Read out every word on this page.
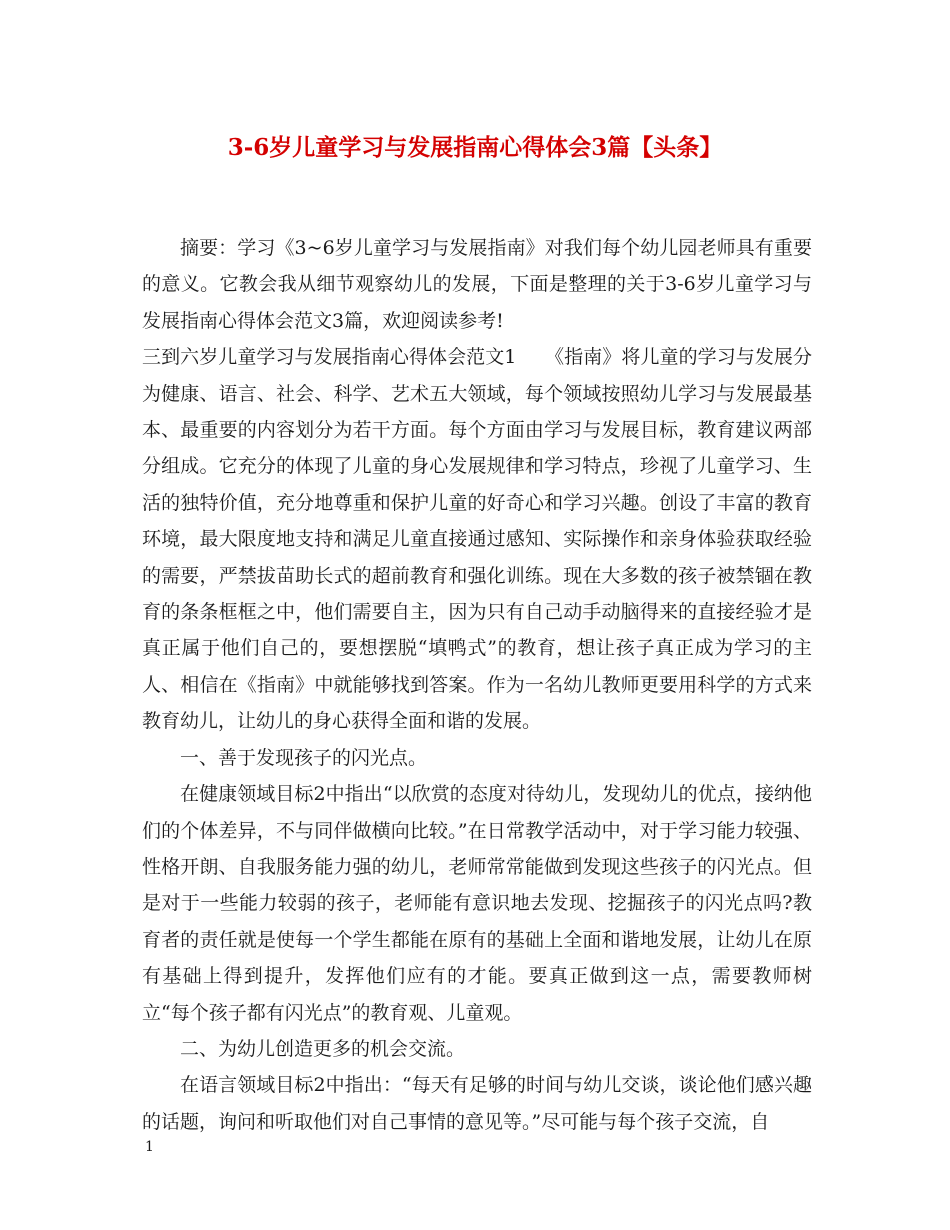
3-6岁儿童学习与发展指南心得体会3篇【头条】

摘要：学习《3~6岁儿童学习与发展指南》对我们每个幼儿园老师具有重要的意义。它教会我从细节观察幼儿的发展，下面是整理的关于3-6岁儿童学习与发展指南心得体会范文3篇，欢迎阅读参考!

三到六岁儿童学习与发展指南心得体会范文1　　《指南》将儿童的学习与发展分为健康、语言、社会、科学、艺术五大领域，每个领域按照幼儿学习与发展最基本、最重要的内容划分为若干方面。每个方面由学习与发展目标，教育建议两部分组成。它充分的体现了儿童的身心发展规律和学习特点，珍视了儿童学习、生活的独特价值，充分地尊重和保护儿童的好奇心和学习兴趣。创设了丰富的教育环境，最大限度地支持和满足儿童直接通过感知、实际操作和亲身体验获取经验的需要，严禁拔苗助长式的超前教育和强化训练。现在大多数的孩子被禁锢在教育的条条框框之中，他们需要自主，因为只有自己动手动脑得来的直接经验才是真正属于他们自己的，要想摆脱“填鸭式”的教育，想让孩子真正成为学习的主人、相信在《指南》中就能够找到答案。作为一名幼儿教师更要用科学的方式来教育幼儿，让幼儿的身心获得全面和谐的发展。

一、善于发现孩子的闪光点。

在健康领域目标2中指出“以欣赏的态度对待幼儿，发现幼儿的优点，接纳他们的个体差异，不与同伴做横向比较。”在日常教学活动中，对于学习能力较强、性格开朗、自我服务能力强的幼儿，老师常常能做到发现这些孩子的闪光点。但是对于一些能力较弱的孩子，老师能有意识地去发现、挖掘孩子的闪光点吗?教育者的责任就是使每一个学生都能在原有的基础上全面和谐地发展，让幼儿在原有基础上得到提升，发挥他们应有的才能。要真正做到这一点，需要教师树立“每个孩子都有闪光点”的教育观、儿童观。

二、为幼儿创造更多的机会交流。

在语言领域目标2中指出：“每天有足够的时间与幼儿交谈，谈论他们感兴趣的话题，询问和听取他们对自己事情的意见等。”尽可能与每个孩子交流，自

1
